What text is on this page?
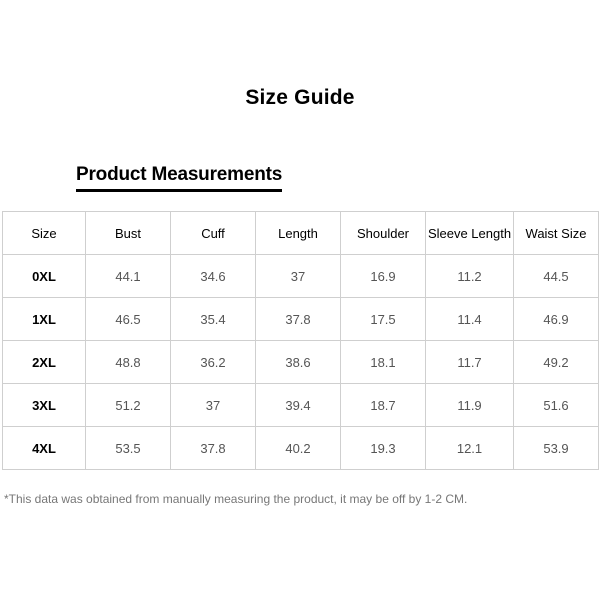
Size Guide
Product Measurements
Size	Bust	Cuff	Length	Shoulder	Sleeve Length	Waist Size
0XL	44.1	34.6	37	16.9	11.2	44.5
1XL	46.5	35.4	37.8	17.5	11.4	46.9
2XL	48.8	36.2	38.6	18.1	11.7	49.2
3XL	51.2	37	39.4	18.7	11.9	51.6
4XL	53.5	37.8	40.2	19.3	12.1	53.9
*This data was obtained from manually measuring the product, it may be off by 1-2 CM.
